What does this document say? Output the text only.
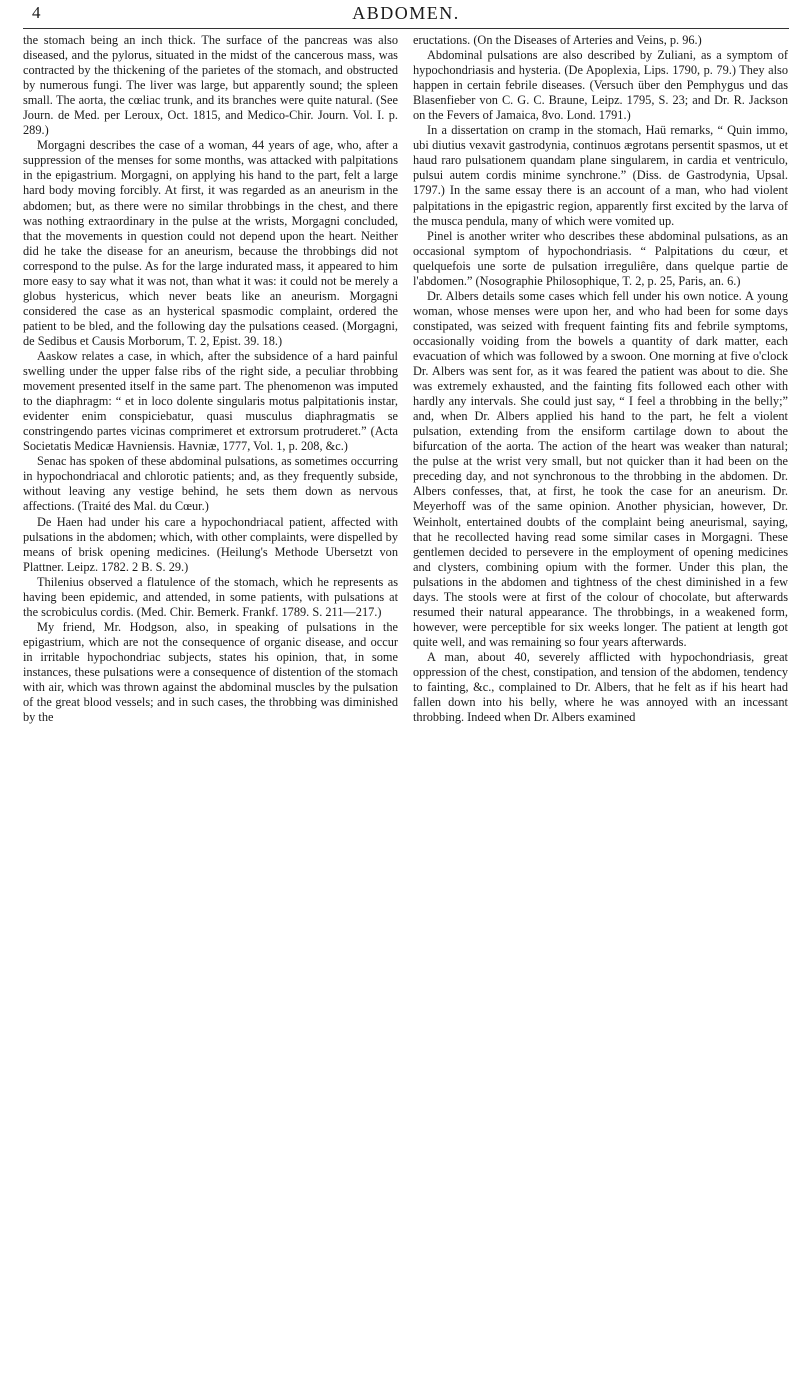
4	ABDOMEN.

the stomach being an inch thick. The surface of the pancreas was also diseased, and the pylorus, situated in the midst of the cancerous mass, was contracted by the thickening of the parietes of the stomach, and obstructed by numerous fungi. The liver was large, but apparently sound; the spleen small. The aorta, the cœliac trunk, and its branches were quite natural. (See Journ. de Med. per Leroux, Oct. 1815, and Medico-Chir. Journ. Vol. I. p. 289.)

Morgagni describes the case of a woman, 44 years of age, who, after a suppression of the menses for some months, was attacked with palpitations in the epigastrium. Morgagni, on applying his hand to the part, felt a large hard body moving forcibly. At first, it was regarded as an aneurism in the abdomen; but, as there were no similar throbbings in the chest, and there was nothing extraordinary in the pulse at the wrists, Morgagni concluded, that the movements in question could not depend upon the heart. Neither did he take the disease for an aneurism, because the throbbings did not correspond to the pulse. As for the large indurated mass, it appeared to him more easy to say what it was not, than what it was: it could not be merely a globus hystericus, which never beats like an aneurism. Morgagni considered the case as an hysterical spasmodic complaint, ordered the patient to be bled, and the following day the pulsations ceased. (Morgagni, de Sedibus et Causis Morborum, T. 2, Epist. 39. 18.)

Aaskow relates a case, in which, after the subsidence of a hard painful swelling under the upper false ribs of the right side, a peculiar throbbing movement presented itself in the same part. The phenomenon was imputed to the diaphragm: “ et in loco dolente singularis motus palpitationis instar, evidenter enim conspiciebatur, quasi musculus diaphragmatis se constringendo partes vicinas comprimeret et extrorsum protruderet.” (Acta Societatis Medicæ Havniensis. Havniæ, 1777, Vol. 1, p. 208, &c.)

Senac has spoken of these abdominal pulsations, as sometimes occurring in hypochondriacal and chlorotic patients; and, as they frequently subside, without leaving any vestige behind, he sets them down as nervous affections. (Traité des Mal. du Cœur.)

De Haen had under his care a hypochondriacal patient, affected with pulsations in the abdomen; which, with other complaints, were dispelled by means of brisk opening medicines. (Heilung's Methode Ubersetzt von Plattner. Leipz. 1782. 2 B. S. 29.)

Thilenius observed a flatulence of the stomach, which he represents as having been epidemic, and attended, in some patients, with pulsations at the scrobiculus cordis. (Med. Chir. Bemerk. Frankf. 1789. S. 211—217.)

My friend, Mr. Hodgson, also, in speaking of pulsations in the epigastrium, which are not the consequence of organic disease, and occur in irritable hypochondriac subjects, states his opinion, that, in some instances, these pulsations were a consequence of distention of the stomach with air, which was thrown against the abdominal muscles by the pulsation of the great blood vessels; and in such cases, the throbbing was diminished by the

eructations. (On the Diseases of Arteries and Veins, p. 96.)

Abdominal pulsations are also described by Zuliani, as a symptom of hypochondriasis and hysteria. (De Apoplexia, Lips. 1790, p. 79.) They also happen in certain febrile diseases. (Versuch über den Pemphygus und das Blasenfieber von C. G. C. Braune, Leipz. 1795, S. 23; and Dr. R. Jackson on the Fevers of Jamaica, 8vo. Lond. 1791.)

In a dissertation on cramp in the stomach, Haü remarks, “ Quin immo, ubi diutius vexavit gastrodynia, continuos ægrotans persentit spasmos, ut et haud raro pulsationem quandam plane singularem, in cardia et ventriculo, pulsui autem cordis minime synchrone.” (Diss. de Gastrodynia, Upsal. 1797.) In the same essay there is an account of a man, who had violent palpitations in the epigastric region, apparently first excited by the larva of the musca pendula, many of which were vomited up.

Pinel is another writer who describes these abdominal pulsations, as an occasional symptom of hypochondriasis. “ Palpitations du cœur, et quelquefois une sorte de pulsation irreguliêre, dans quelque partie de l'abdomen.” (Nosographie Philosophique, T. 2, p. 25, Paris, an. 6.)

Dr. Albers details some cases which fell under his own notice. A young woman, whose menses were upon her, and who had been for some days constipated, was seized with frequent fainting fits and febrile symptoms, occasionally voiding from the bowels a quantity of dark matter, each evacuation of which was followed by a swoon. One morning at five o'clock Dr. Albers was sent for, as it was feared the patient was about to die. She was extremely exhausted, and the fainting fits followed each other with hardly any intervals. She could just say, “ I feel a throbbing in the belly;” and, when Dr. Albers applied his hand to the part, he felt a violent pulsation, extending from the ensiform cartilage down to about the bifurcation of the aorta. The action of the heart was weaker than natural; the pulse at the wrist very small, but not quicker than it had been on the preceding day, and not synchronous to the throbbing in the abdomen. Dr. Albers confesses, that, at first, he took the case for an aneurism. Dr. Meyerhoff was of the same opinion. Another physician, however, Dr. Weinholt, entertained doubts of the complaint being aneurismal, saying, that he recollected having read some similar cases in Morgagni. These gentlemen decided to persevere in the employment of opening medicines and clysters, combining opium with the former. Under this plan, the pulsations in the abdomen and tightness of the chest diminished in a few days. The stools were at first of the colour of chocolate, but afterwards resumed their natural appearance. The throbbings, in a weakened form, however, were perceptible for six weeks longer. The patient at length got quite well, and was remaining so four years afterwards.

A man, about 40, severely afflicted with hypochondriasis, great oppression of the chest, constipation, and tension of the abdomen, tendency to fainting, &c., complained to Dr. Albers, that he felt as if his heart had fallen down into his belly, where he was annoyed with an incessant throbbing. Indeed when Dr. Albers examined
